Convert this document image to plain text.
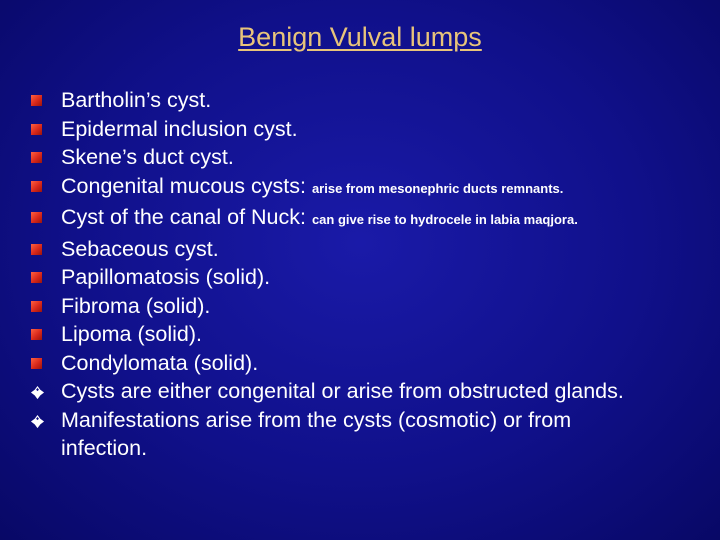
Benign Vulval lumps
Bartholin’s cyst.
Epidermal inclusion cyst.
Skene’s duct cyst.
Congenital mucous cysts: arise from mesonephric ducts remnants.
Cyst of the canal of Nuck: can give rise to hydrocele in labia maqjora.
Sebaceous cyst.
Papillomatosis (solid).
Fibroma (solid).
Lipoma (solid).
Condylomata (solid).
Cysts are either congenital or arise from obstructed glands.
Manifestations arise from the cysts (cosmotic) or from
infection.
